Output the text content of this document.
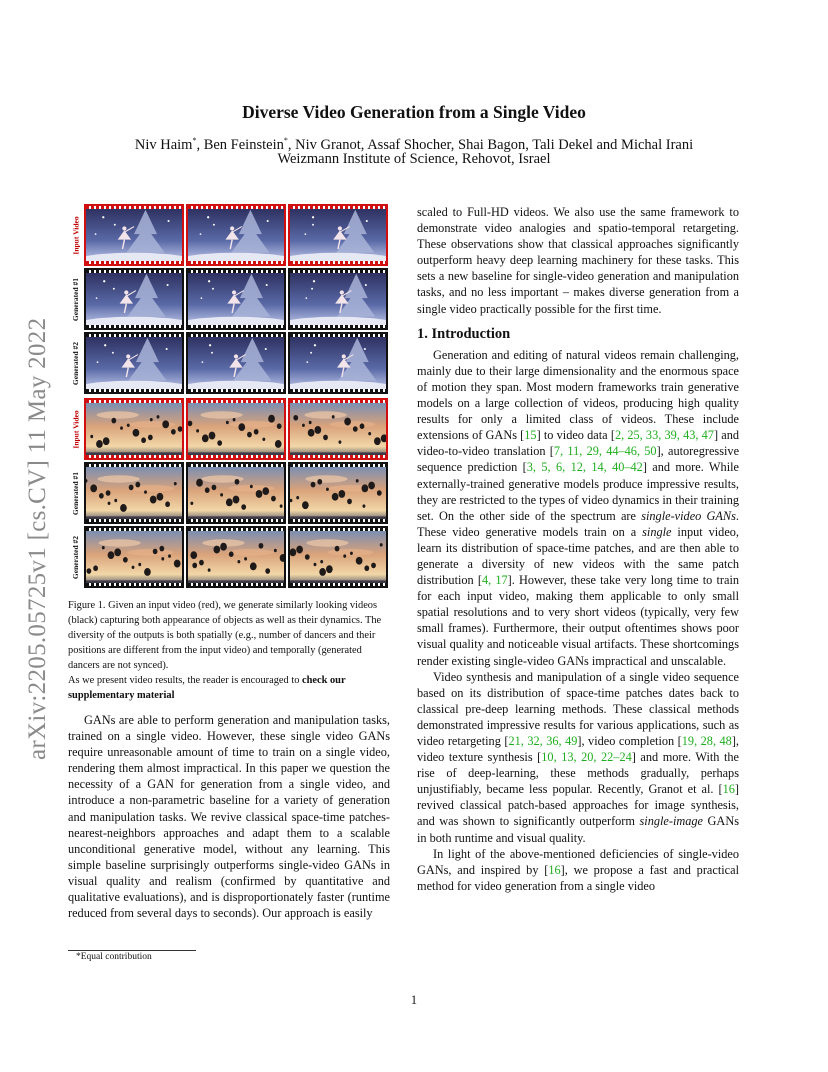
Diverse Video Generation from a Single Video
Niv Haim*, Ben Feinstein*, Niv Granot, Assaf Shocher, Shai Bagon, Tali Dekel and Michal Irani
Weizmann Institute of Science, Rehovot, Israel
arXiv:2205.05725v1 [cs.CV] 11 May 2022
Input Video
Generated #1
Generated #2
Input Video
Generated #1
Generated #2
Figure 1. Given an input video (red), we generate similarly looking videos (black) capturing both appearance of objects as well as their dynamics. The diversity of the outputs is both spatially (e.g., number of dancers and their positions are different from the input video) and temporally (generated dancers are not synced).
As we present video results, the reader is encouraged to check our supplementary material
GANs are able to perform generation and manipulation tasks, trained on a single video. However, these single video GANs require unreasonable amount of time to train on a single video, rendering them almost impractical. In this paper we question the necessity of a GAN for generation from a single video, and introduce a non-parametric baseline for a variety of generation and manipulation tasks. We revive classical space-time patches-nearest-neighbors approaches and adapt them to a scalable unconditional generative model, without any learning. This simple baseline surprisingly outperforms single-video GANs in visual quality and realism (confirmed by quantitative and qualitative evaluations), and is disproportionately faster (runtime reduced from several days to seconds). Our approach is easily

scaled to Full-HD videos. We also use the same framework to demonstrate video analogies and spatio-temporal retargeting. These observations show that classical approaches significantly outperform heavy deep learning machinery for these tasks. This sets a new baseline for single-video generation and manipulation tasks, and no less important – makes diverse generation from a single video practically possible for the first time.

1. Introduction

Generation and editing of natural videos remain challenging, mainly due to their large dimensionality and the enormous space of motion they span. Most modern frameworks train generative models on a large collection of videos, producing high quality results for only a limited class of videos. These include extensions of GANs [15] to video data [2, 25, 33, 39, 43, 47] and video-to-video translation [7, 11, 29, 44–46, 50], autoregressive sequence prediction [3, 5, 6, 12, 14, 40–42] and more. While externally-trained generative models produce impressive results, they are restricted to the types of video dynamics in their training set. On the other side of the spectrum are single-video GANs. These video generative models train on a single input video, learn its distribution of space-time patches, and are then able to generate a diversity of new videos with the same patch distribution [4, 17]. However, these take very long time to train for each input video, making them applicable to only small spatial resolutions and to very short videos (typically, very few small frames). Furthermore, their output oftentimes shows poor visual quality and noticeable visual artifacts. These shortcomings render existing single-video GANs impractical and unscalable.

Video synthesis and manipulation of a single video sequence based on its distribution of space-time patches dates back to classical pre-deep learning methods. These classical methods demonstrated impressive results for various applications, such as video retargeting [21, 32, 36, 49], video completion [19, 28, 48], video texture synthesis [10, 13, 20, 22–24] and more. With the rise of deep-learning, these methods gradually, perhaps unjustifiably, became less popular. Recently, Granot et al. [16] revived classical patch-based approaches for image synthesis, and was shown to significantly outperform single-image GANs in both runtime and visual quality.

In light of the above-mentioned deficiencies of single-video GANs, and inspired by [16], we propose a fast and practical method for video generation from a single video

*Equal contribution
1
